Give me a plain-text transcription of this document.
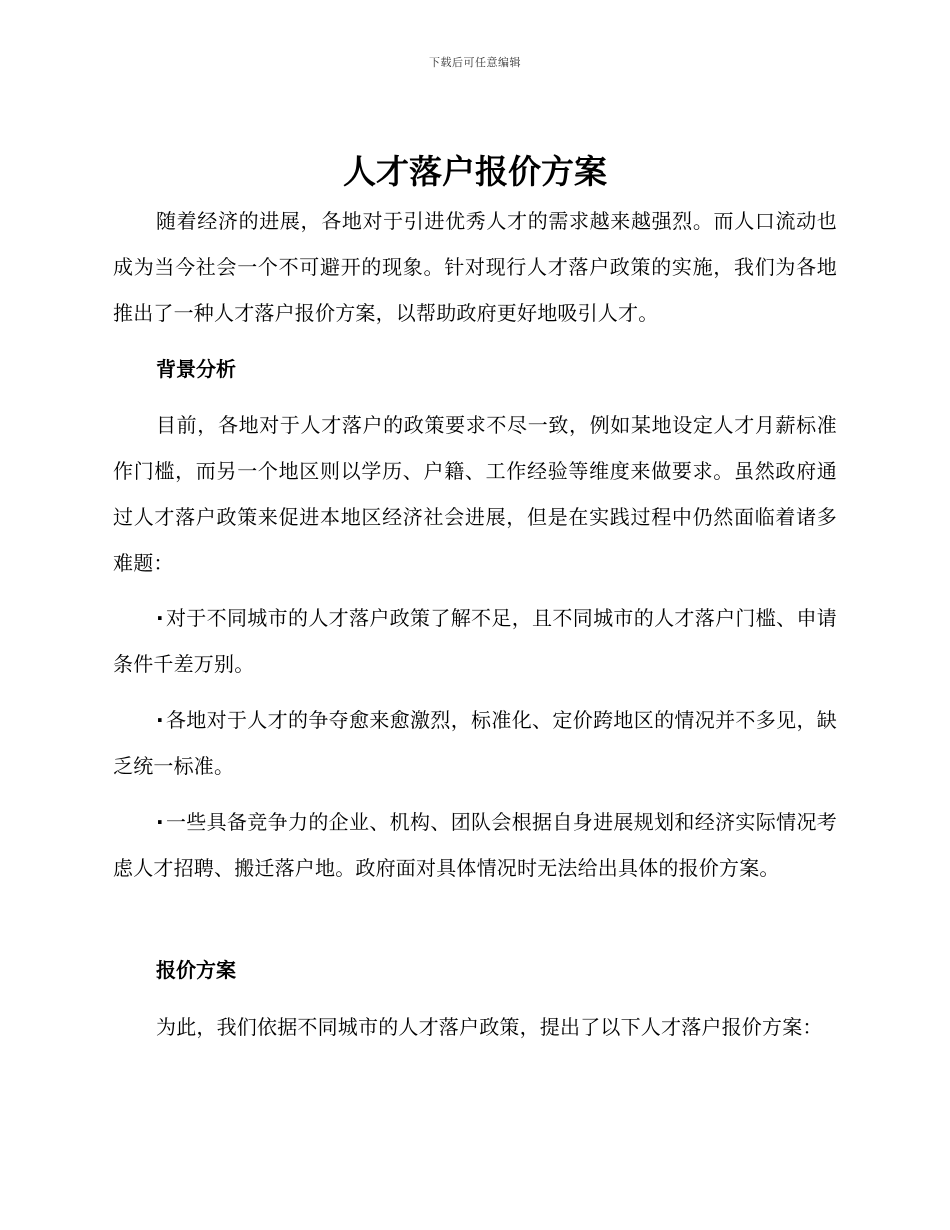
下载后可任意编辑
人才落户报价方案

随着经济的进展，各地对于引进优秀人才的需求越来越强烈。而人口流动也成为当今社会一个不可避开的现象。针对现行人才落户政策的实施，我们为各地推出了一种人才落户报价方案，以帮助政府更好地吸引人才。

背景分析

目前，各地对于人才落户的政策要求不尽一致，例如某地设定人才月薪标准作门槛，而另一个地区则以学历、户籍、工作经验等维度来做要求。虽然政府通过人才落户政策来促进本地区经济社会进展，但是在实践过程中仍然面临着诸多难题：

· 对于不同城市的人才落户政策了解不足，且不同城市的人才落户门槛、申请条件千差万别。

· 各地对于人才的争夺愈来愈激烈，标准化、定价跨地区的情况并不多见，缺乏统一标准。

· 一些具备竞争力的企业、机构、团队会根据自身进展规划和经济实际情况考虑人才招聘、搬迁落户地。政府面对具体情况时无法给出具体的报价方案。

报价方案

为此，我们依据不同城市的人才落户政策，提出了以下人才落户报价方案：
